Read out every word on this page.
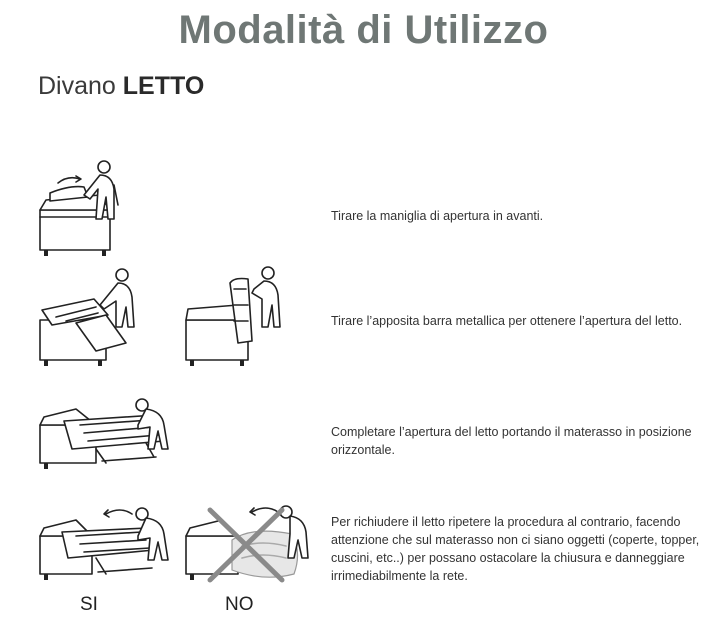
Modalità di Utilizzo
Divano LETTO
Tirare la maniglia di apertura in avanti.
Tirare l’apposita barra metallica per ottenere l’apertura del letto.
Completare l’apertura del letto portando il materasso in posizione orizzontale.
Per richiudere il letto ripetere la procedura al contrario, facendo attenzione che sul materasso non ci siano oggetti (coperte, topper, cuscini, etc..) per possano ostacolare la chiusura e danneggiare irrimediabilmente la rete.
SI	NO
